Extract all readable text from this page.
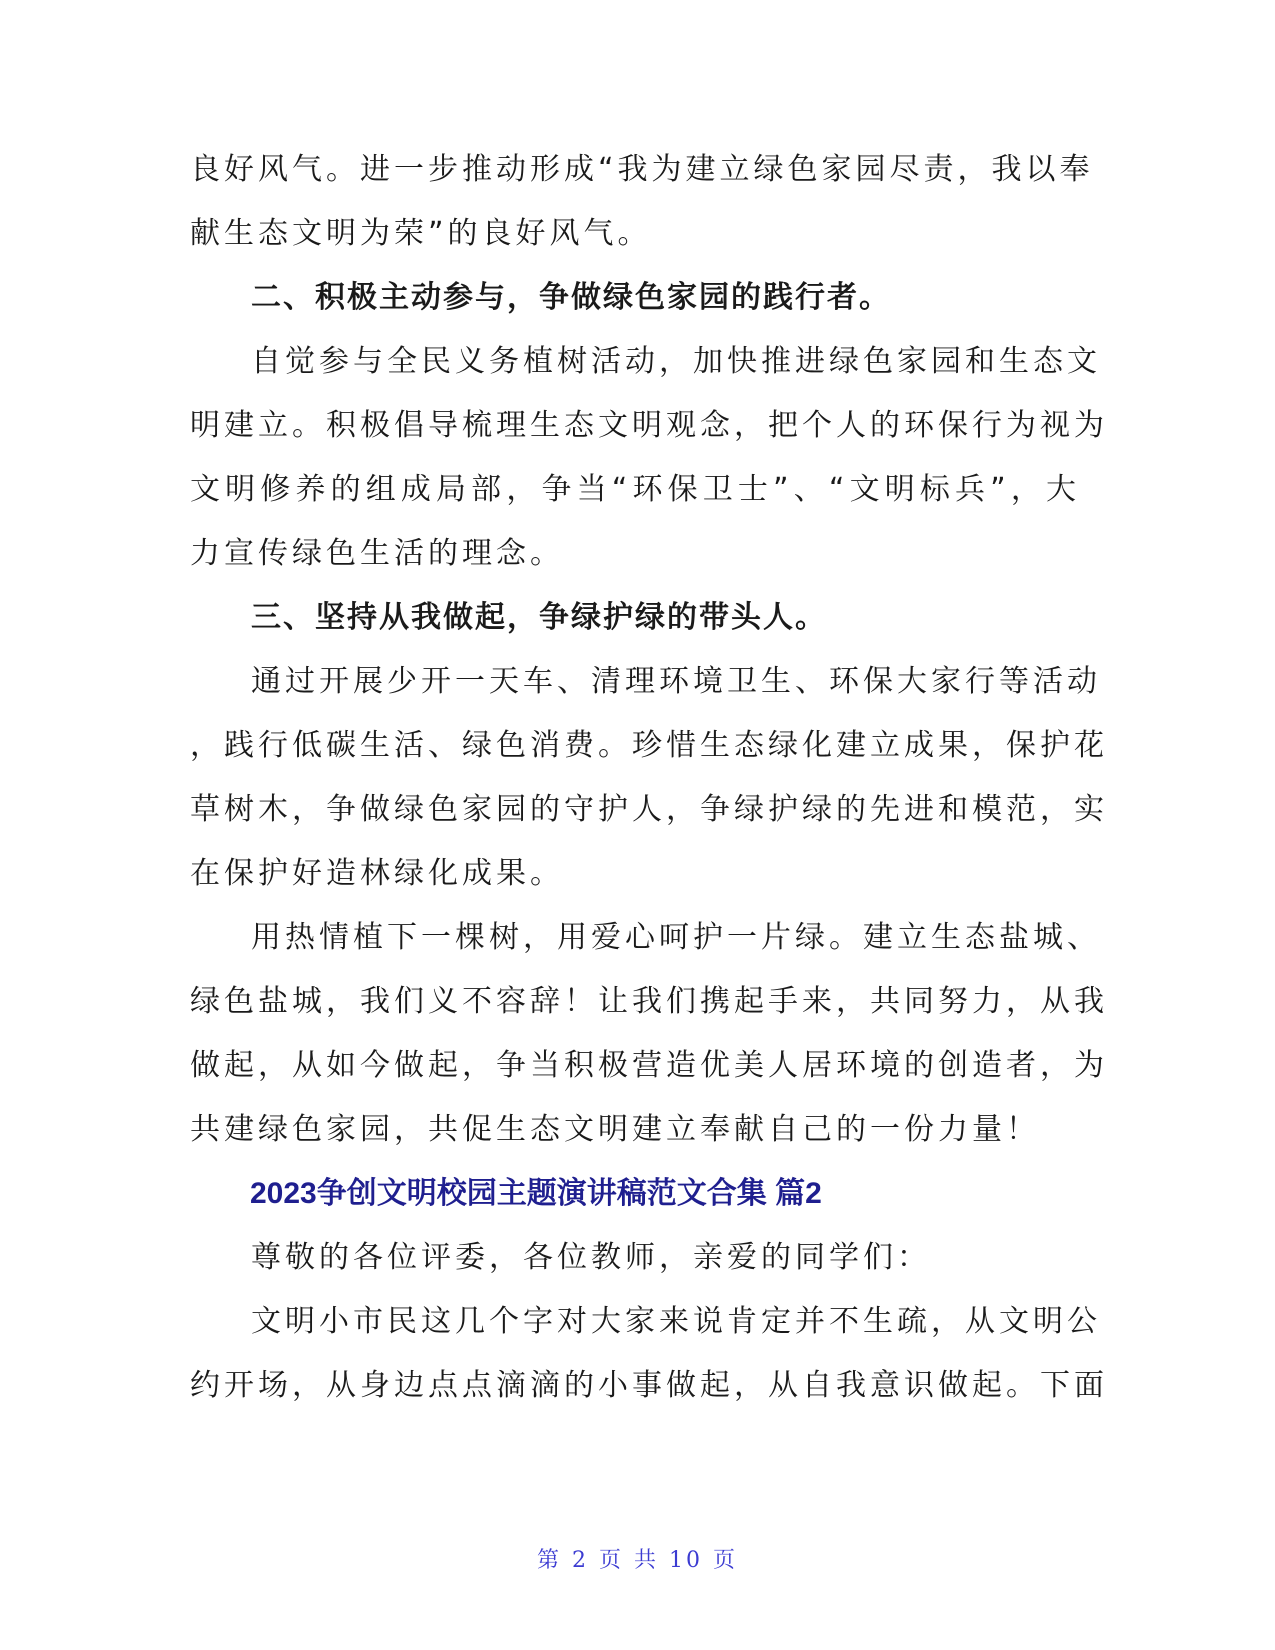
良好风气。进一步推动形成“我为建立绿色家园尽责，我以奉
献生态文明为荣”的良好风气。
二、积极主动参与，争做绿色家园的践行者。
自觉参与全民义务植树活动，加快推进绿色家园和生态文
明建立。积极倡导梳理生态文明观念，把个人的环保行为视为
文明修养的组成局部，争当“环保卫士”、“文明标兵”，大
力宣传绿色生活的理念。
三、坚持从我做起，争绿护绿的带头人。
通过开展少开一天车、清理环境卫生、环保大家行等活动
，践行低碳生活、绿色消费。珍惜生态绿化建立成果，保护花
草树木，争做绿色家园的守护人，争绿护绿的先进和模范，实
在保护好造林绿化成果。
用热情植下一棵树，用爱心呵护一片绿。建立生态盐城、
绿色盐城，我们义不容辞！让我们携起手来，共同努力，从我
做起，从如今做起，争当积极营造优美人居环境的创造者，为
共建绿色家园，共促生态文明建立奉献自己的一份力量！
2023争创文明校园主题演讲稿范文合集 篇2
尊敬的各位评委，各位教师，亲爱的同学们：
文明小市民这几个字对大家来说肯定并不生疏，从文明公
约开场，从身边点点滴滴的小事做起，从自我意识做起。下面
第 2 页 共 10 页
